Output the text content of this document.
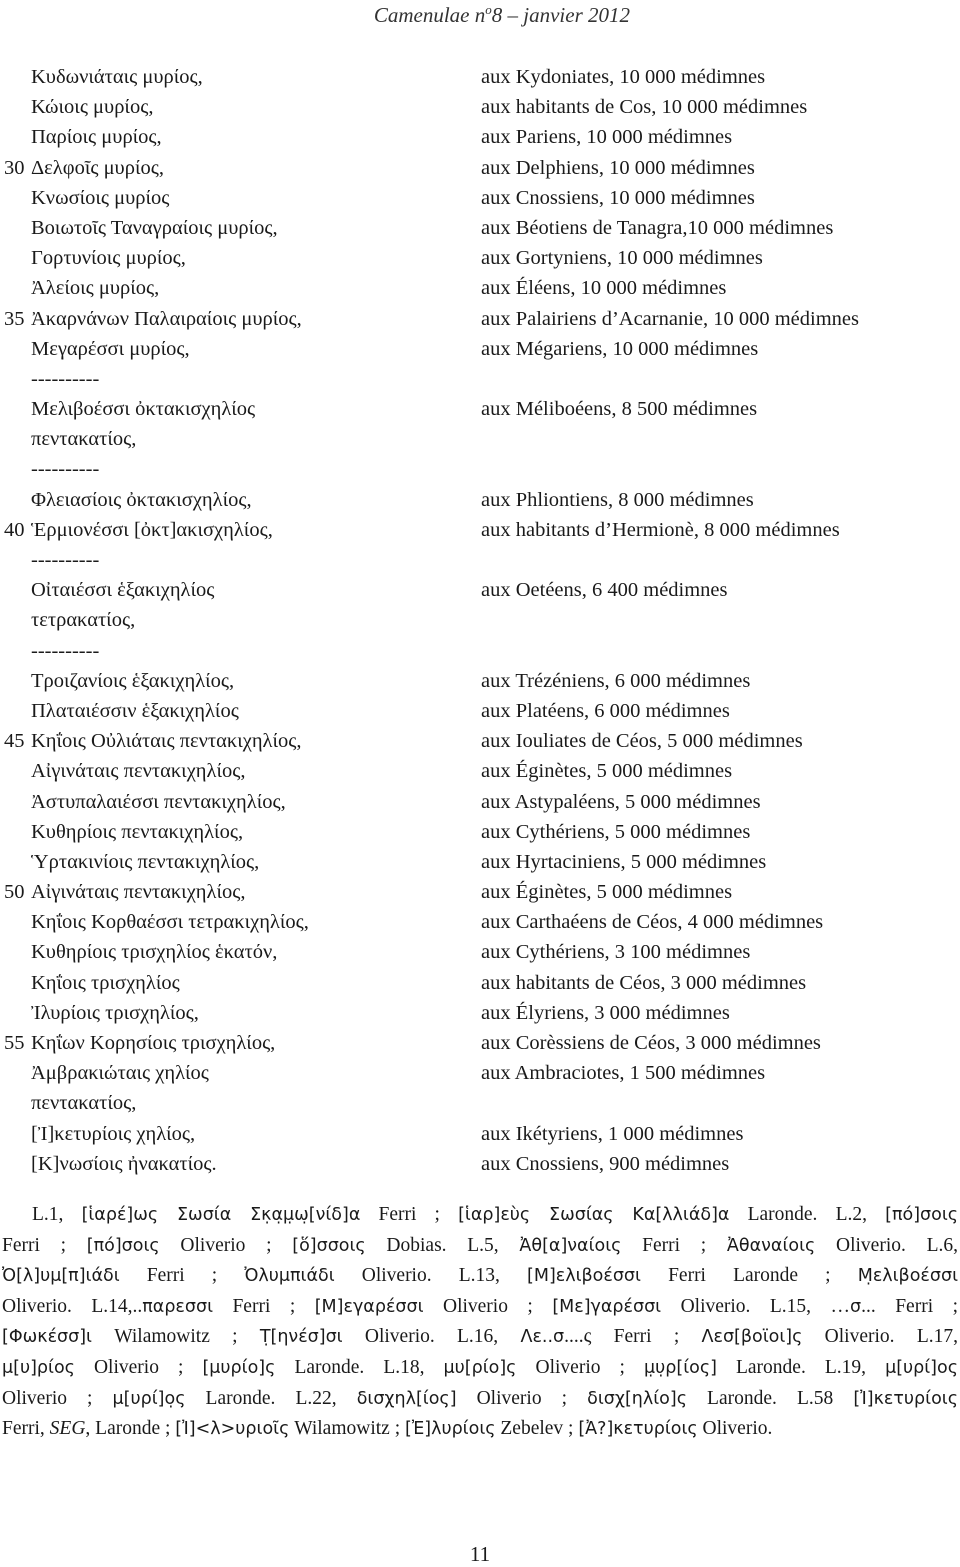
Camenulae $n^o8$ – janvier 2012
Κυδωνιάταις μυρίος,	aux Kydoniates, 10 000 médimnes
Κώιοις μυρίος,	aux habitants de Cos, 10 000 médimnes
Παρίοις μυρίος,	aux Pariens, 10 000 médimnes
30 Δελφοῖς μυρίος,	aux Delphiens, 10 000 médimnes
Κνωσίοις μυρίος	aux Cnossiens, 10 000 médimnes
Βοιωτοῖς Ταναγραίοις μυρίος,	aux Béotiens de Tanagra,10 000 médimnes
Γορτυνίοις μυρίος,	aux Gortyniens, 10 000 médimnes
Ἀλείοις μυρίος,	aux Éléens, 10 000 médimnes
35 Ἀκαρνάνων Παλαιραίοις μυρίος,	aux Palairiens d’Acarnanie, 10 000 médimnes
Μεγαρέσσι μυρίος,	aux Mégariens, 10 000 médimnes
----------
Μελιβοέσσι ὀκτακισχηλίος	aux Méliboéens, 8 500 médimnes
πεντακατίος,
----------
Φλειασίοις ὀκτακισχηλίος,	aux Phliontiens, 8 000 médimnes
40 Ἑρμιονέσσι [ὀκτ]ακισχηλίος,	aux habitants d’Hermionè, 8 000 médimnes
----------
Οἰταιέσσι ἑξακιχηλίος	aux Oetéens, 6 400 médimnes
τετρακατίος,
----------
Τροιζανίοις ἑξακιχηλίος,	aux Trézéniens, 6 000 médimnes
Πλαταιέσσιν ἑξακιχηλίος	aux Platéens, 6 000 médimnes
45 Κηΐοις Οὐλιάταις πεντακιχηλίος,	aux Iouliates de Céos, 5 000 médimnes
Αἰγινάταις πεντακιχηλίος,	aux Éginètes, 5 000 médimnes
Ἀστυπαλαιέσσι πεντακιχηλίος,	aux Astypaléens, 5 000 médimnes
Κυθηρίοις πεντακιχηλίος,	aux Cythériens, 5 000 médimnes
Ὑρτακινίοις πεντακιχηλίος,	aux Hyrtaciniens, 5 000 médimnes
50 Αἰγινάταις πεντακιχηλίος,	aux Éginètes, 5 000 médimnes
Κηΐοις Κορθαέσσι τετρακιχηλίος,	aux Carthaéens de Céos, 4 000 médimnes
Κυθηρίοις τρισχηλίος ἑκατόν,	aux Cythériens, 3 100 médimnes
Κηΐοις τρισχηλίος	aux habitants de Céos, 3 000 médimnes
Ἰλυρίοις τρισχηλίος,	aux Élyriens, 3 000 médimnes
55 Κηΐων Κορησίοις τρισχηλίος,	aux Corèssiens de Céos, 3 000 médimnes
Ἀμβρακιώταις χηλίος	aux Ambraciotes, 1 500 médimnes
πεντακατίος,
[Ἰ]κετυρίοις χηλίος,	aux Ikétyriens, 1 000 médimnes
[Κ]νωσίοις ἠνακατίος.	aux Cnossiens, 900 médimnes
L.1, [ἱαρέ]ως Σωσία Σκ̣α̣μ̣ω̣[νίδ]α Ferri ; [ἱαρ]εὺς Σωσίας Κα[λλιάδ]α Laronde. L.2, [πό]σοις
Ferri ; [πό]σοις Oliverio ; [ὅ]σσοις Dobias. L.5, Ἀθ[α]ναίοις Ferri ; Ἀθαναίοις Oliverio. L.6,
Ὀ[λ]υμ[π]ιάδι Ferri ; Ὀλυμπιάδι Oliverio. L.13, [Μ]ελιβοέσσι Ferri Laronde ; Μ̣ελιβοέσσι
Oliverio. L.14,..παρεσσι Ferri ; [Μ]εγαρέσσι Oliverio ; [Με]γαρέσσι Oliverio. L.15, …σ... Ferri ;
[Φωκέσσ]ι Wilamowitz ; Τ̣[ηνέσ]σι Oliverio. L.16, Λε..σ....ς Ferri ; Λεσ[βοϊοι]ς Oliverio. L.17,
μ[υ]ρίος Oliverio ; [μυρίο]ς Laronde. L.18, μυ[ρίο]ς Oliverio ; μ̣υ̣ρ[ίος] Laronde. L.19, μ[υρί]ος
Oliverio ; μ[υρί]ο̣ς Laronde. L.22, δισχηλ[ίος] Oliverio ; δισχ[ηλίο]ς Laronde. L.58 [Ἰ]κετυρίοις
Ferri, SEG, Laronde ; [Ἰ]<λ>υριοῖς Wilamowitz ; [Ἐ]λυρίοις Zebelev ; [Ἀ?]κετυρίοις Oliverio.
11
